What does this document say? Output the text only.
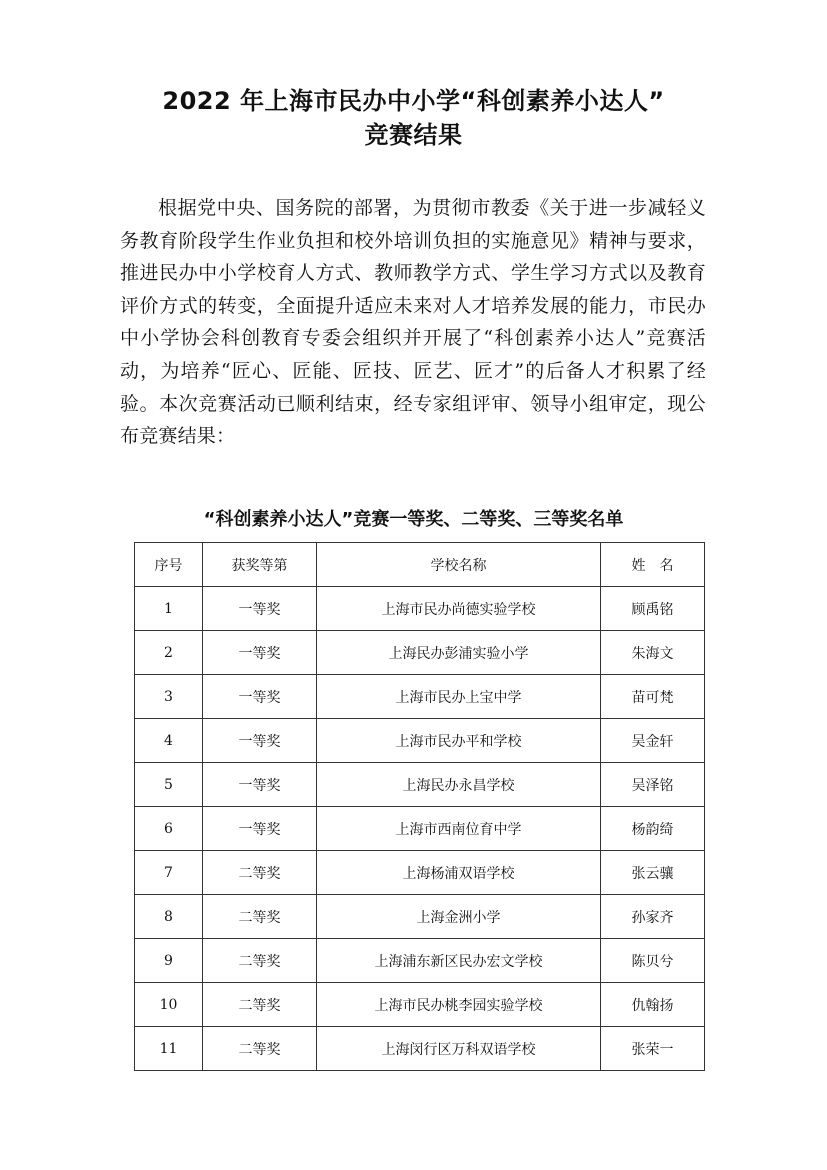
2022 年上海市民办中小学“科创素养小达人”
竞赛结果

根据党中央、国务院的部署，为贯彻市教委《关于进一步减轻义务教育阶段学生作业负担和校外培训负担的实施意见》精神与要求，推进民办中小学校育人方式、教师教学方式、学生学习方式以及教育评价方式的转变，全面提升适应未来对人才培养发展的能力，市民办中小学协会科创教育专委会组织并开展了“科创素养小达人”竞赛活动，为培养“匠心、匠能、匠技、匠艺、匠才”的后备人才积累了经验。本次竞赛活动已顺利结束，经专家组评审、领导小组审定，现公布竞赛结果：

“科创素养小达人”竞赛一等奖、二等奖、三等奖名单
序号	获奖等第	学校名称	姓　名
1	一等奖	上海市民办尚德实验学校	顾禹铭
2	一等奖	上海民办彭浦实验小学	朱海文
3	一等奖	上海市民办上宝中学	苗可梵
4	一等奖	上海市民办平和学校	吴金轩
5	一等奖	上海民办永昌学校	吴泽铭
6	一等奖	上海市西南位育中学	杨韵绮
7	二等奖	上海杨浦双语学校	张云骧
8	二等奖	上海金洲小学	孙家齐
9	二等奖	上海浦东新区民办宏文学校	陈贝兮
10	二等奖	上海市民办桃李园实验学校	仇翰扬
11	二等奖	上海闵行区万科双语学校	张荣一
